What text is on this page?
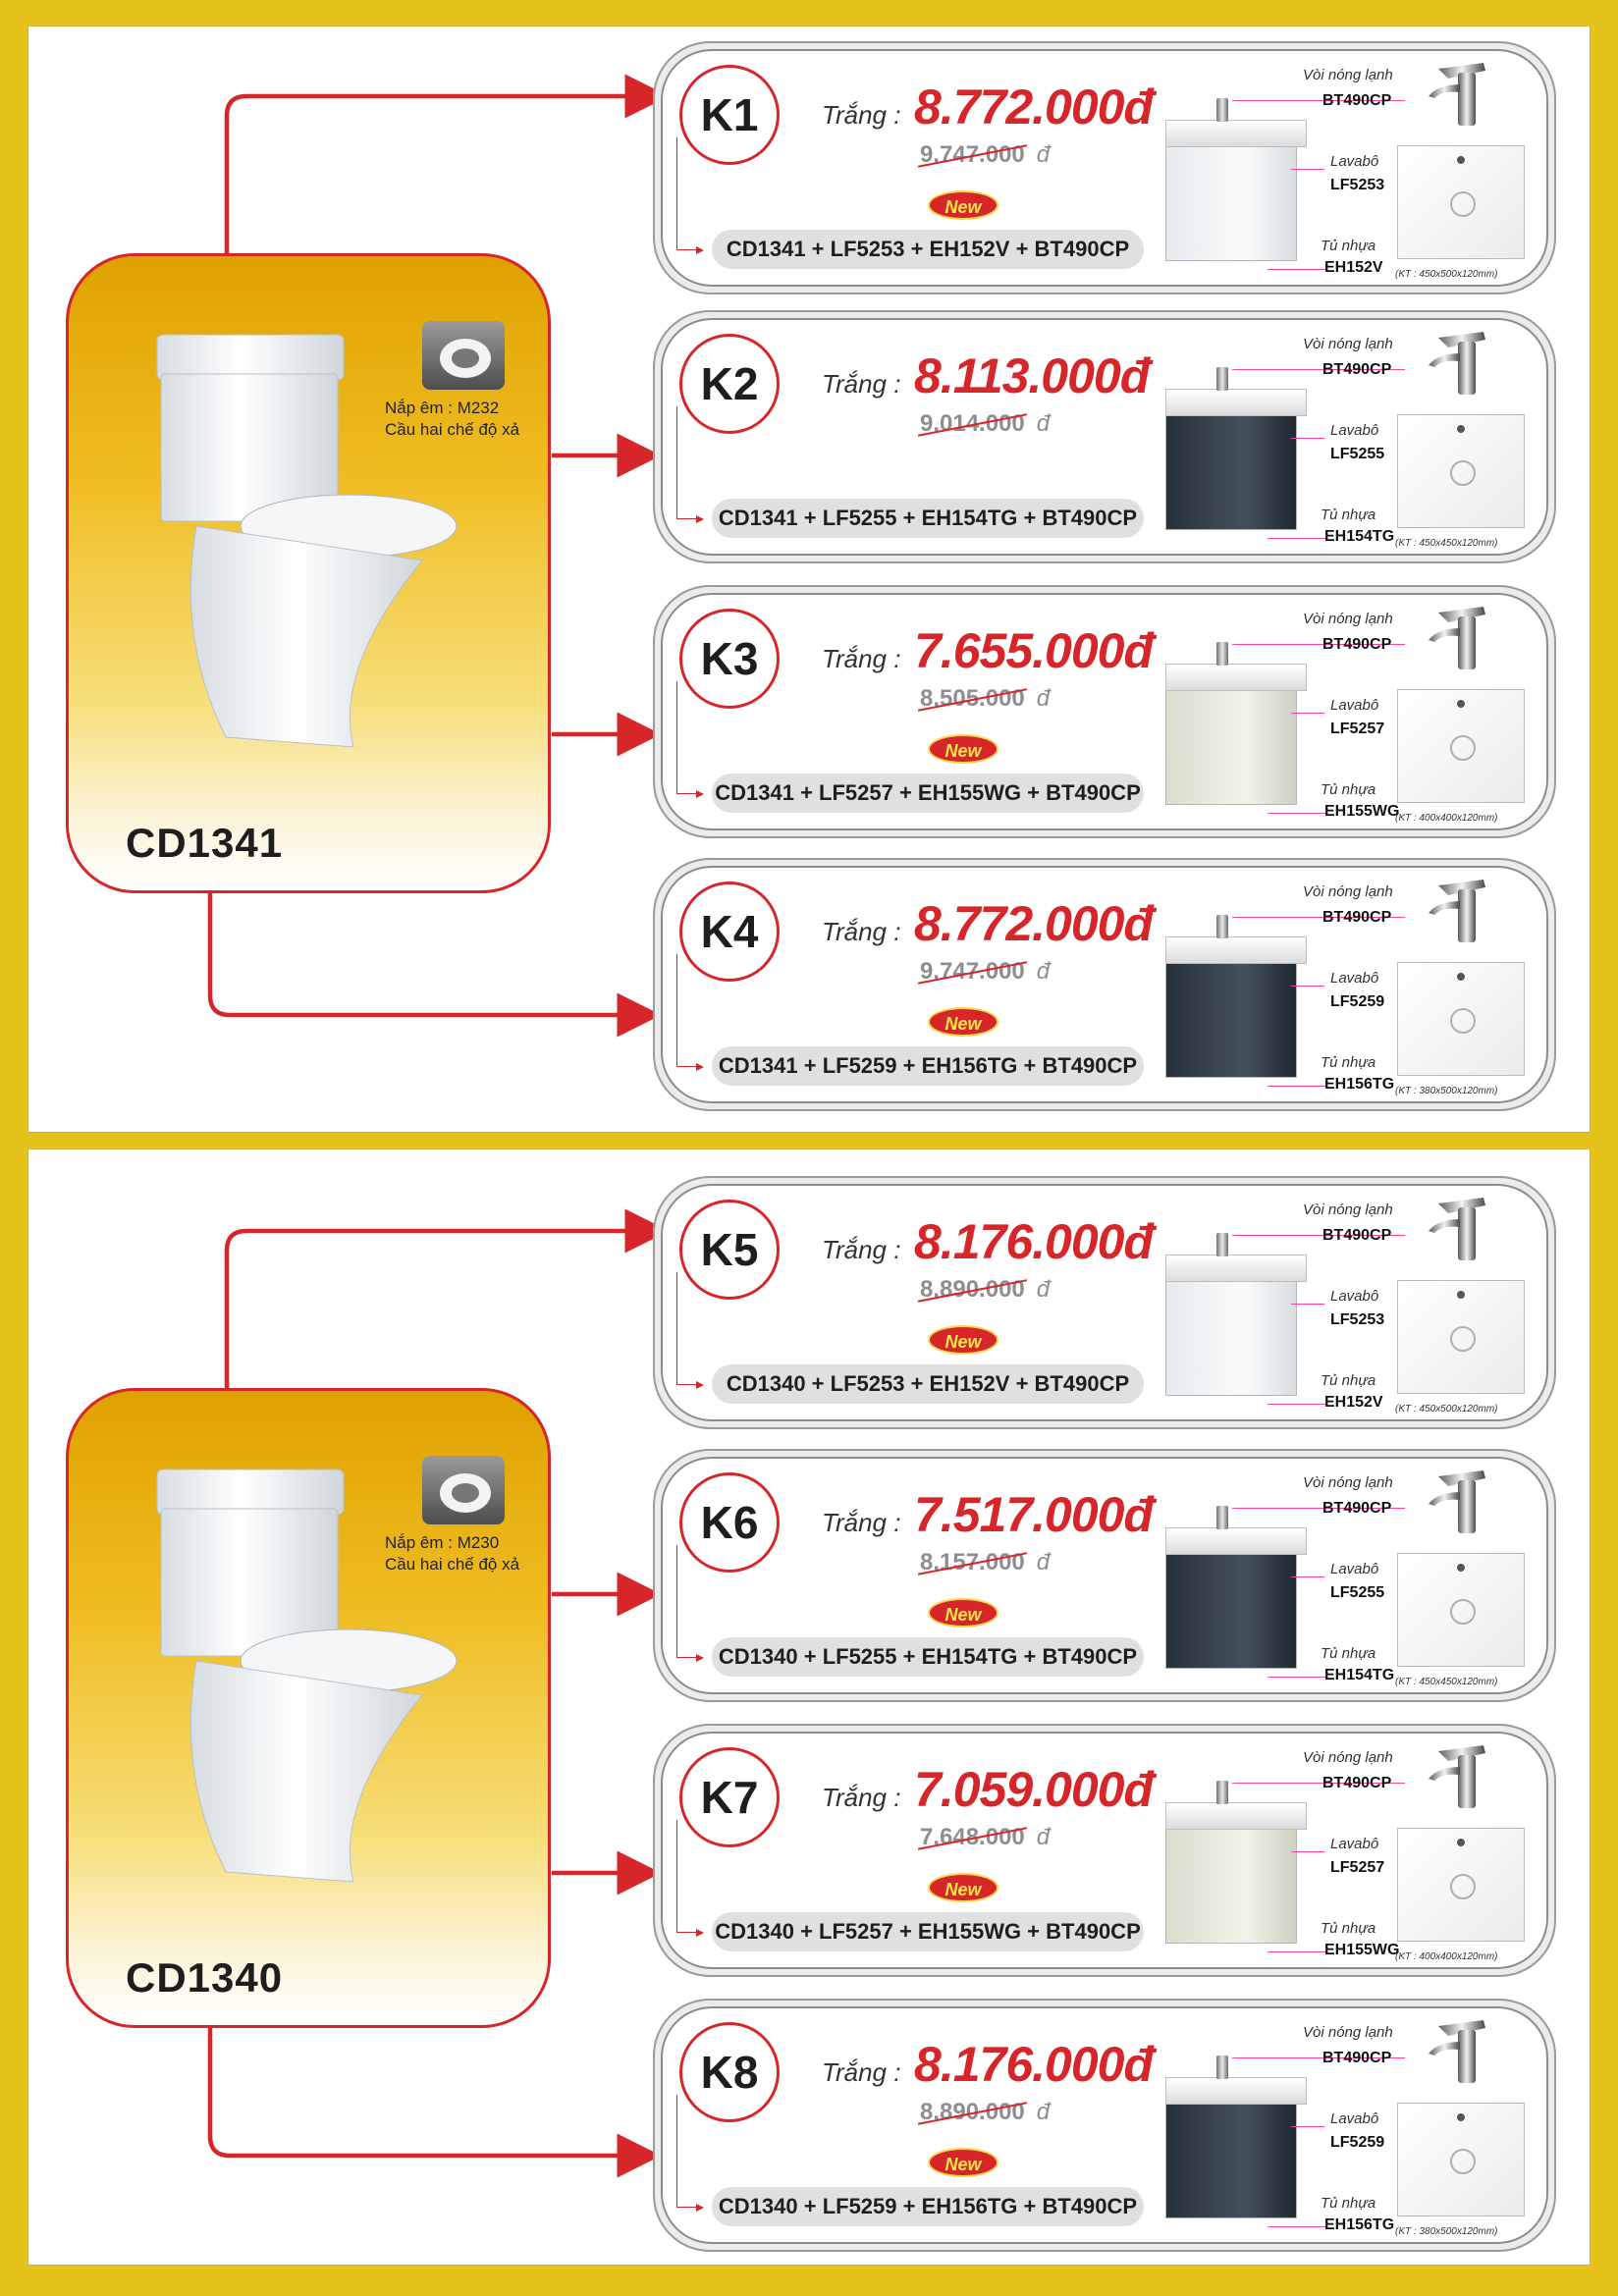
Nắp êm : M232
Cầu hai chế độ xả
CD1341
K1	Trắng : 8.772.000đ
9.747.000 đ
New
CD1341 + LF5253 + EH152V + BT490CP
Vòi nóng lạnh
BT490CP
Lavabô
LF5253
Tủ nhựa
EH152V (KT : 450x500x120mm)
K2	Trắng : 8.113.000đ
9.014.000 đ
CD1341 + LF5255 + EH154TG + BT490CP
Vòi nóng lạnh
BT490CP
Lavabô
LF5255
Tủ nhựa
EH154TG (KT : 450x450x120mm)
K3	Trắng : 7.655.000đ
8.505.000 đ
New
CD1341 + LF5257 + EH155WG + BT490CP
Vòi nóng lạnh
BT490CP
Lavabô
LF5257
Tủ nhựa
EH155WG
(KT : 400x400x120mm)
K4	Trắng : 8.772.000đ
9.747.000 đ
New
CD1341 + LF5259 + EH156TG + BT490CP
Vòi nóng lạnh
BT490CP
Lavabô
LF5259
Tủ nhựa
EH156TG (KT : 380x500x120mm)
Nắp êm : M230
Cầu hai chế độ xả
CD1340
K5	Trắng : 8.176.000đ
8.890.000 đ
New
CD1340 + LF5253 + EH152V + BT490CP
Vòi nóng lạnh
BT490CP
Lavabô
LF5253
Tủ nhựa
EH152V (KT : 450x500x120mm)
K6	Trắng : 7.517.000đ
8.157.000 đ
New
CD1340 + LF5255 + EH154TG + BT490CP
Vòi nóng lạnh
BT490CP
Lavabô
LF5255
Tủ nhựa
EH154TG (KT : 450x450x120mm)
K7	Trắng : 7.059.000đ
7.648.000 đ
New
CD1340 + LF5257 + EH155WG + BT490CP
Vòi nóng lạnh
BT490CP
Lavabô
LF5257
Tủ nhựa
EH155WG
(KT : 400x400x120mm)
K8	Trắng : 8.176.000đ
8.890.000 đ
New
CD1340 + LF5259 + EH156TG + BT490CP
Vòi nóng lạnh
BT490CP
Lavabô
LF5259
Tủ nhựa
EH156TG (KT : 380x500x120mm)
